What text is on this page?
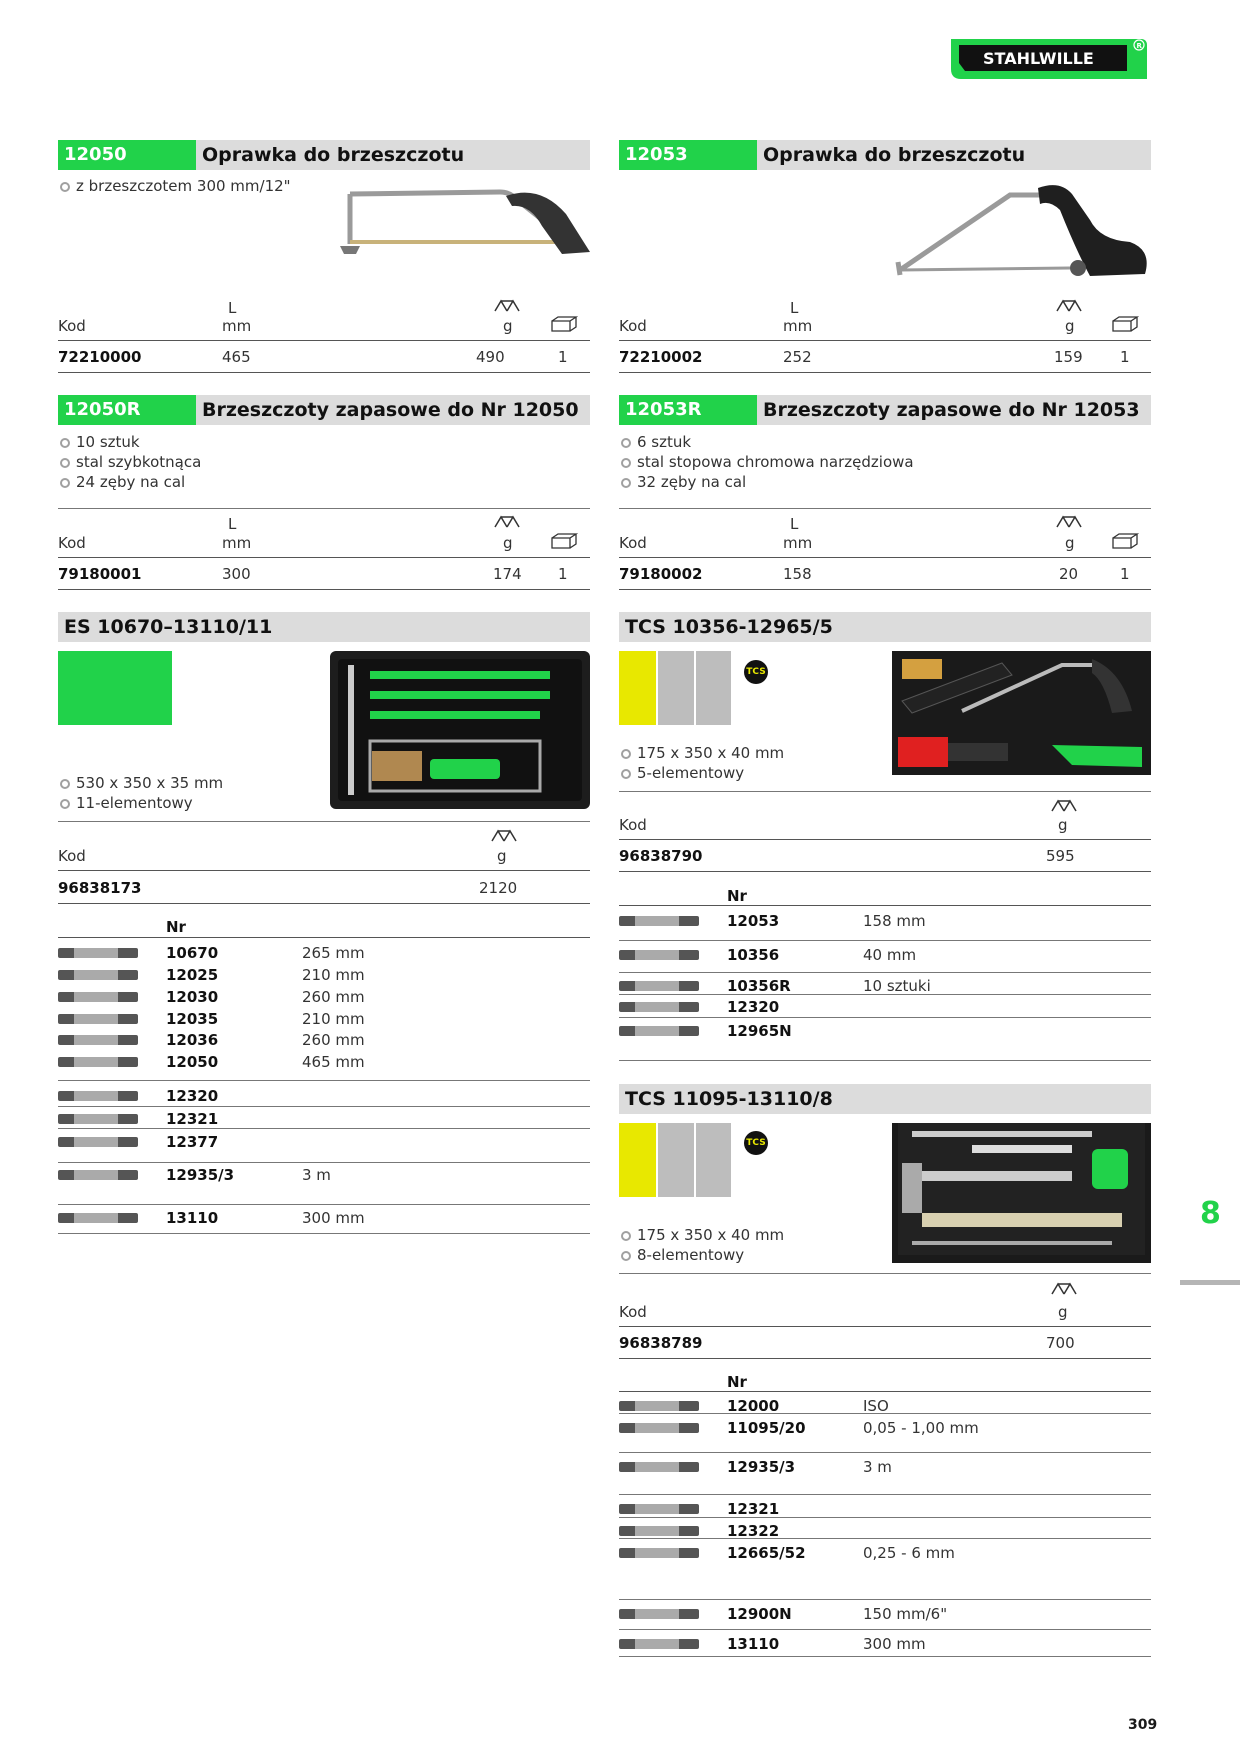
STAHLWILLE
R
12050	Oprawka do brzeszczotu
z brzeszczotem 300 mm/12"
L
Kod	mm	g
72210000	465	490	1
12050R	Brzeszczoty zapasowe do Nr 12050
10 sztuk
stal szybkotnąca
24 zęby na cal
L
Kod	mm	g
79180001	300	174 1
ES 10670–13110/11
530 x 350 x 35 mm
11-elementowy
Kod	g
96838173	2120
Nr
10670	265 mm
12025	210 mm
12030	260 mm
12035	210 mm
12036	260 mm
12050	465 mm
12320
12321
12377
12935/3	3 m
13110	300 mm
12053	Oprawka do brzeszczotu
L
Kod	mm	g
72210002	252	159 1
12053R	Brzeszczoty zapasowe do Nr 12053
6 sztuk
stal stopowa chromowa narzędziowa
32 zęby na cal
L
Kod	mm	g
79180002	158	20	1
TCS 10356-12965/5
TCS
175 x 350 x 40 mm
5-elementowy
Kod	g
96838790	595
Nr
12053	158 mm
10356	40 mm
10356R	10 sztuki
12320
12965N
TCS 11095-13110/8
TCS
175 x 350 x 40 mm
8-elementowy
Kod	g
96838789	700
Nr
12000	ISO
11095/20	0,05 - 1,00 mm
12935/3	3 m
12321
12322
12665/52	0,25 - 6 mm
12900N	150 mm/6"
13110	300 mm
8
309
